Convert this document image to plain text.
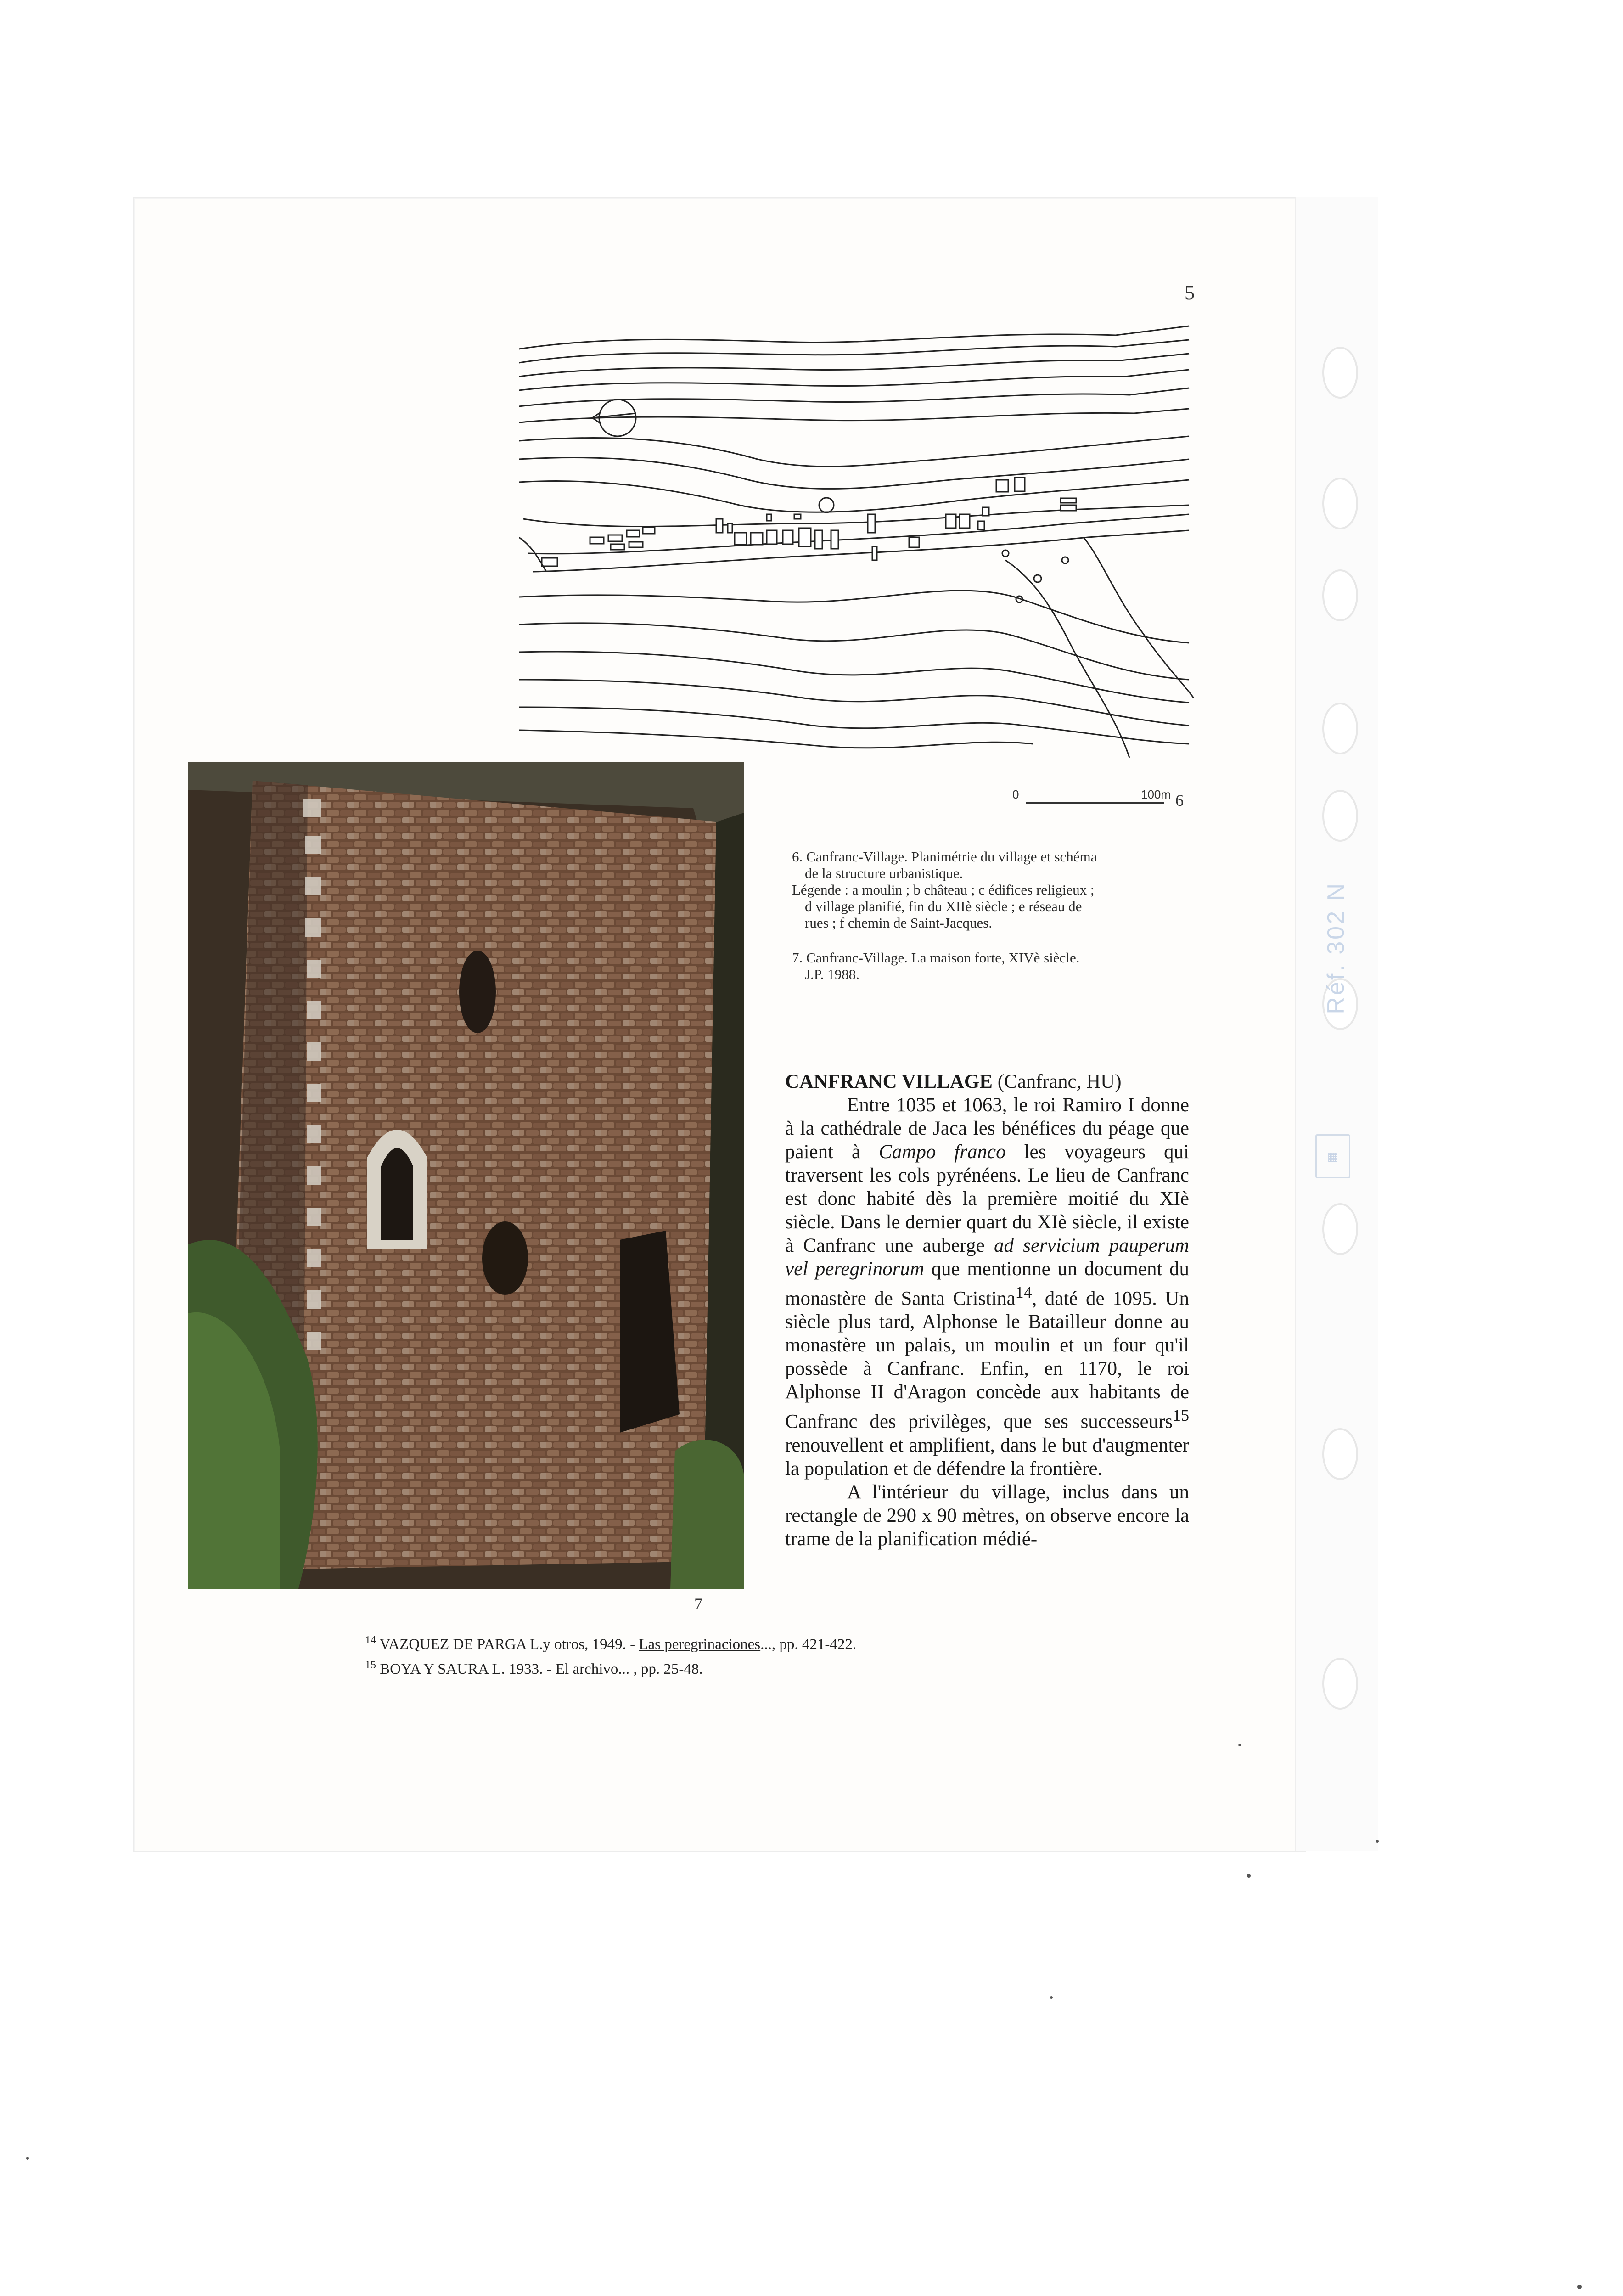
Réf. 302 N
▦
5
0	100m 6
7

6. Canfranc-Village. Planimétrie du village et schéma

de la structure urbanistique.
Légende : a moulin ; b château ; c édifices religieux ;

d village planifié, fin du XIIè siècle ; e réseau de
rues ; f chemin de Saint-Jacques.

7. Canfranc-Village. La maison forte, XIVè siècle.

J.P. 1988.

CANFRANC VILLAGE (Canfranc, HU)

Entre 1035 et 1063, le roi Ramiro I donne à la cathédrale de Jaca les bénéfices du péage que paient à Campo franco les voyageurs qui traversent les cols pyrénéens. Le lieu de Canfranc est donc habité dès la première moitié du XIè siècle. Dans le dernier quart du XIè siècle, il existe à Canfranc une auberge ad servicium pauperum vel peregrinorum que mentionne un document du monastère de Santa Cristina$^{14}$, daté de 1095. Un siècle plus tard, Alphonse le Batailleur donne au monastère un palais, un moulin et un four qu'il possède à Canfranc. Enfin, en 1170, le roi Alphonse II d'Aragon concède aux habitants de Canfranc des privilèges, que ses successeurs$^{15}$ renouvellent et amplifient, dans le but d'augmenter la population et de défendre la frontière.

A l'intérieur du village, inclus dans un rectangle de 290 x 90 mètres, on observe encore la trame de la planification médié-

$^{14}$ VAZQUEZ DE PARGA L.y otros, 1949. - Las peregrinaciones..., pp. 421-422.
$^{15}$ BOYA Y SAURA L. 1933. - El archivo... , pp. 25-48.
